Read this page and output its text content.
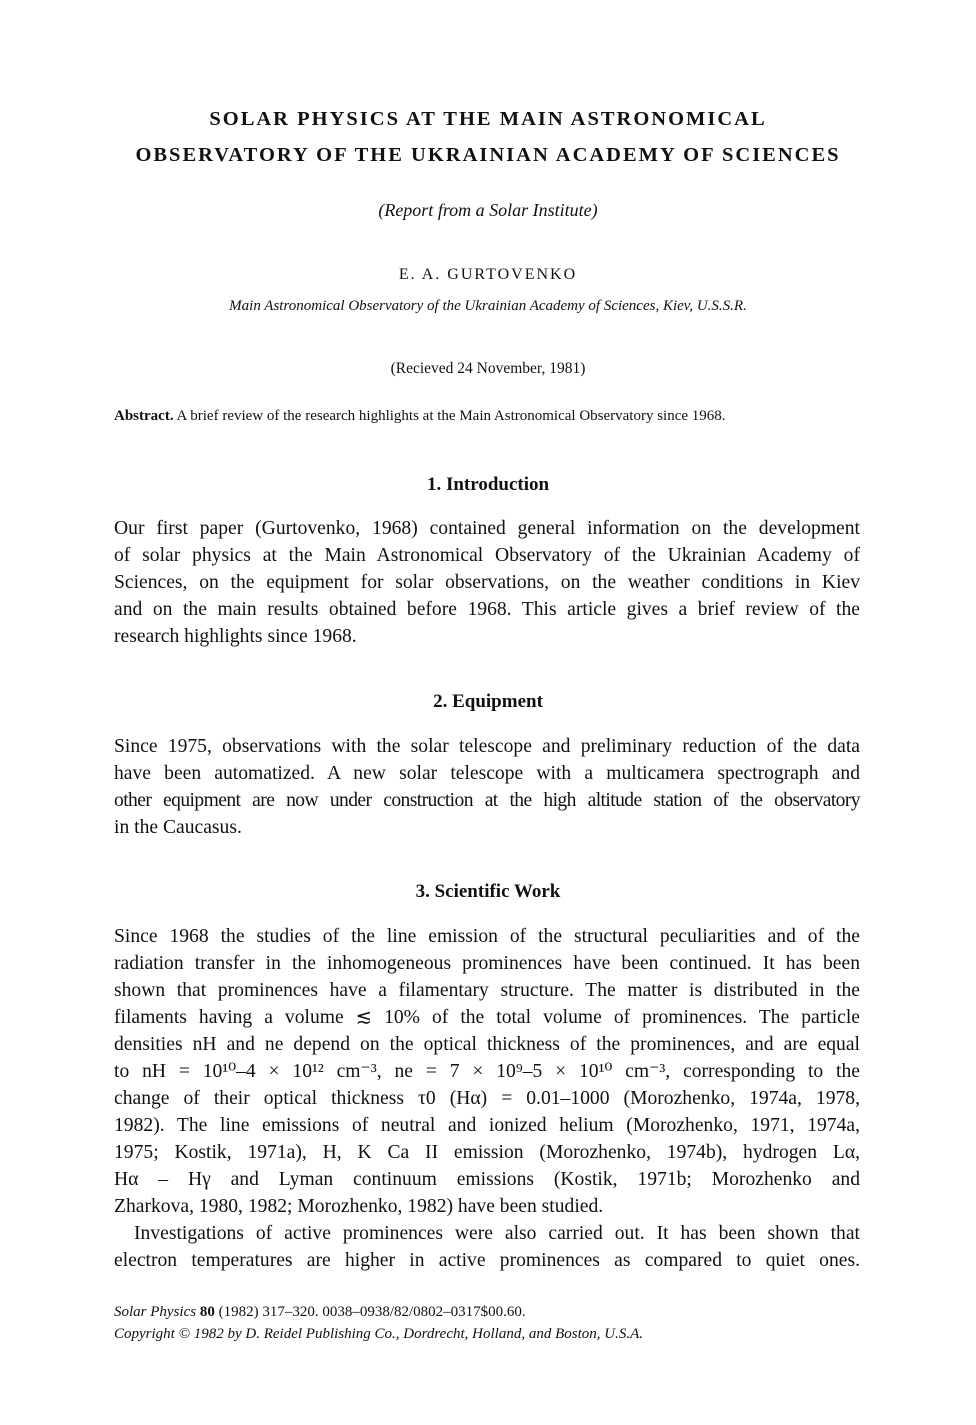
SOLAR PHYSICS AT THE MAIN ASTRONOMICAL
OBSERVATORY OF THE UKRAINIAN ACADEMY OF SCIENCES

(Report from a Solar Institute)

E. A. GURTOVENKO

Main Astronomical Observatory of the Ukrainian Academy of Sciences, Kiev, U.S.S.R.

(Recieved 24 November, 1981)

Abstract. A brief review of the research highlights at the Main Astronomical Observatory since 1968.

1. Introduction
Our first paper (Gurtovenko, 1968) contained general information on the development
of solar physics at the Main Astronomical Observatory of the Ukrainian Academy of
Sciences, on the equipment for solar observations, on the weather conditions in Kiev
and on the main results obtained before 1968. This article gives a brief review of the
research highlights since 1968.
2. Equipment
Since 1975, observations with the solar telescope and preliminary reduction of the data
have been automatized. A new solar telescope with a multicamera spectrograph and
other equipment are now under construction at the high altitude station of the observatory
in the Caucasus.
3. Scientific Work
Since 1968 the studies of the line emission of the structural peculiarities and of the
radiation transfer in the inhomogeneous prominences have been continued. It has been
shown that prominences have a filamentary structure. The matter is distributed in the
filaments having a volume ≲ 10% of the total volume of prominences. The particle
densities nH and ne depend on the optical thickness of the prominences, and are equal
to nH = 10¹⁰–4 × 10¹² cm⁻³, ne = 7 × 10⁹–5 × 10¹⁰ cm⁻³, corresponding to the
change of their optical thickness τ0 (Hα) = 0.01–1000 (Morozhenko, 1974a, 1978,
1982). The line emissions of neutral and ionized helium (Morozhenko, 1971, 1974a,
1975; Kostik, 1971a), H, K Ca II emission (Morozhenko, 1974b), hydrogen Lα,
Hα – Hγ and Lyman continuum emissions (Kostik, 1971b; Morozhenko and
Zharkova, 1980, 1982; Morozhenko, 1982) have been studied.
Investigations of active prominences were also carried out. It has been shown that
electron temperatures are higher in active prominences as compared to quiet ones.
Solar Physics 80 (1982) 317–320. 0038–0938/82/0802–0317$00.60.
Copyright © 1982 by D. Reidel Publishing Co., Dordrecht, Holland, and Boston, U.S.A.
